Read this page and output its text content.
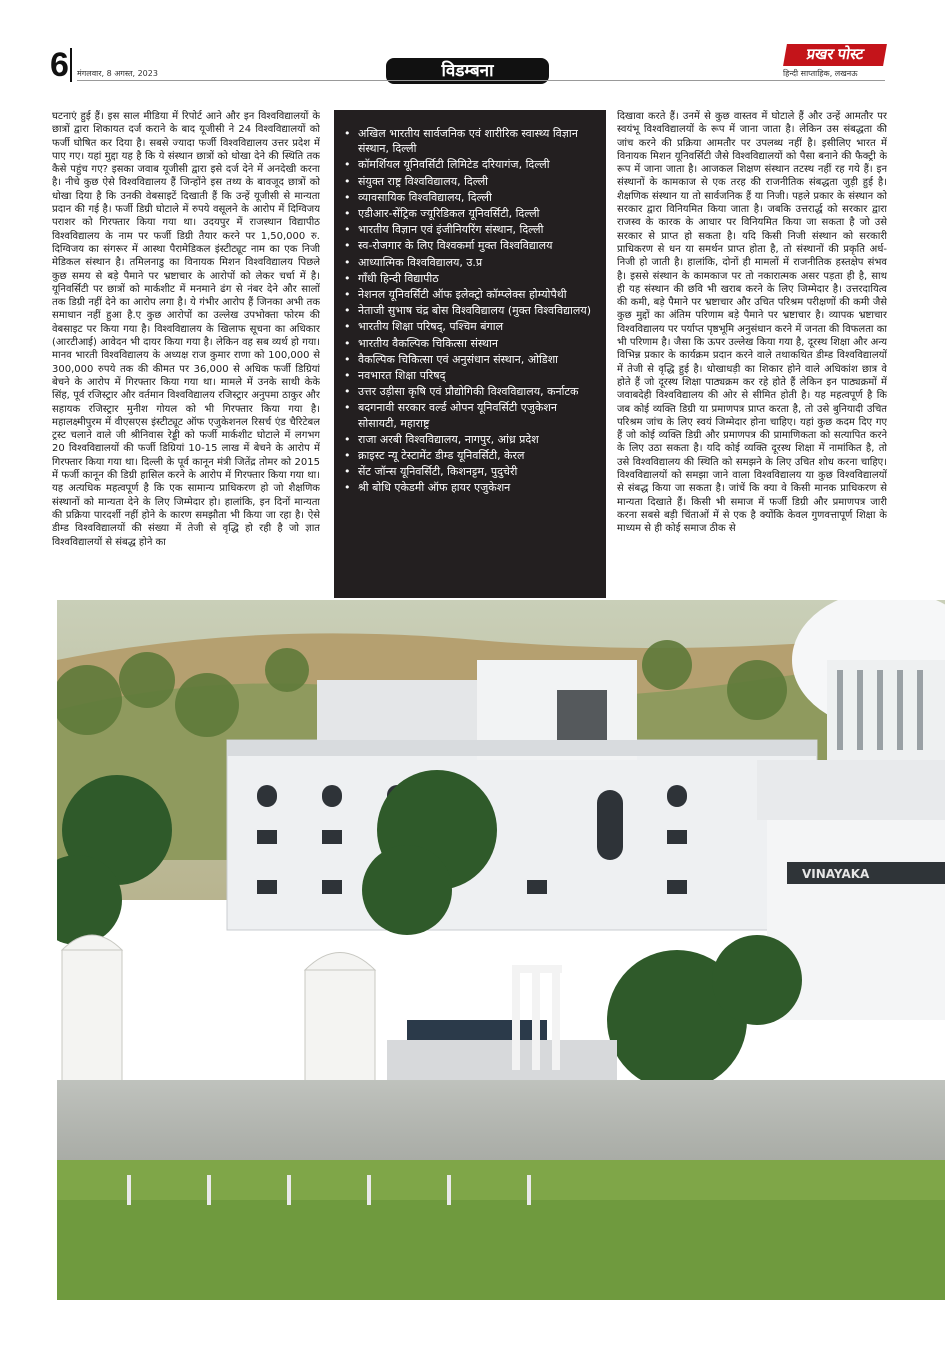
6 मंगलवार, 8 अगस्त, 2023	विडम्बना
प्रखर पोस्ट
हिन्दी साप्ताहिक, लखनऊ
घटनाएं हुई हैं। इस साल मीडिया में रिपोर्ट आने और इन विश्वविद्यालयों के छात्रों द्वारा शिकायत दर्ज कराने के बाद यूजीसी ने 24 विश्वविद्यालयों को फर्जी घोषित कर दिया है। सबसे ज्यादा फर्जी विश्वविद्यालय उत्तर प्रदेश में पाए गए। यहां मुद्दा यह है कि ये संस्थान छात्रों को धोखा देने की स्थिति तक कैसे पहुंच गए? इसका जवाब यूजीसी द्वारा इसे दर्ज देने में अनदेखी करना है। नीचे कुछ ऐसे विश्वविद्यालय हैं जिन्होंने इस तथ्य के बावजूद छात्रों को धोखा दिया है कि उनकी वेबसाइटें दिखाती हैं कि उन्हें यूजीसी से मान्यता प्रदान की गई है। फर्जी डिग्री घोटाले में रुपये वसूलने के आरोप में दिग्विजय पराशर को गिरफ्तार किया गया था। उदयपुर में राजस्थान विद्यापीठ विश्वविद्यालय के नाम पर फर्जी डिग्री तैयार करने पर 1,50,000 रु. दिग्विजय का संगरूर में आस्था पैरामेडिकल इंस्टीट्यूट नाम का एक निजी मेडिकल संस्थान है। तमिलनाडु का विनायक मिशन विश्वविद्यालय पिछले कुछ समय से बड़े पैमाने पर भ्रष्टाचार के आरोपों को लेकर चर्चा में है। यूनिवर्सिटी पर छात्रों को मार्कशीट में मनमाने ढंग से नंबर देने और सालों तक डिग्री नहीं देने का आरोप लगा है। ये गंभीर आरोप हैं जिनका अभी तक समाधान नहीं हुआ है.ए कुछ आरोपों का उल्लेख उपभोक्ता फोरम की वेबसाइट पर किया गया है। विश्वविद्यालय के खिलाफ सूचना का अधिकार (आरटीआई) आवेदन भी दायर किया गया है। लेकिन वह सब व्यर्थ हो गया। मानव भारती विश्वविद्यालय के अध्यक्ष राज कुमार राणा को 100,000 से 300,000 रुपये तक की कीमत पर 36,000 से अधिक फर्जी डिग्रियां बेचने के आरोप में गिरफ्तार किया गया था। मामले में उनके साथी केके सिंह, पूर्व रजिस्ट्रार और वर्तमान विश्वविद्यालय रजिस्ट्रार अनुपमा ठाकुर और सहायक रजिस्ट्रार मुनीश गोयल को भी गिरफ्तार किया गया है। महालक्ष्मीपुरम में वीएसएस इंस्टीट्यूट ऑफ एजुकेशनल रिसर्च एंड चैरिटेबल ट्रस्ट चलाने वाले जी श्रीनिवास रेड्डी को फर्जी मार्कशीट घोटाले में लगभग 20 विश्वविद्यालयों की फर्जी डिग्रियां 10-15 लाख में बेचने के आरोप में गिरफ्तार किया गया था। दिल्ली के पूर्व कानून मंत्री जितेंद्र तोमर को 2015 में फर्जी कानून की डिग्री हासिल करने के आरोप में गिरफ्तार किया गया था। यह अत्यधिक महत्वपूर्ण है कि एक सामान्य प्राधिकरण हो जो शैक्षणिक संस्थानों को मान्यता देने के लिए जिम्मेदार हो। हालांकि, इन दिनों मान्यता की प्रक्रिया पारदर्शी नहीं होने के कारण समझौता भी किया जा रहा है। ऐसे डीम्ड विश्वविद्यालयों की संख्या में तेजी से वृद्धि हो रही है जो ज्ञात विश्वविद्यालयों से संबद्ध होने का
• अखिल भारतीय सार्वजनिक एवं शारीरिक स्वास्थ्य विज्ञान संस्थान, दिल्ली
• कॉमर्शियल यूनिवर्सिटी लिमिटेड दरियागंज, दिल्ली
• संयुक्त राष्ट्र विश्वविद्यालय, दिल्ली
• व्यावसायिक विश्वविद्यालय, दिल्ली
• एडीआर-सेंट्रिक ज्यूरिडिकल यूनिवर्सिटी, दिल्ली
• भारतीय विज्ञान एवं इंजीनियरिंग संस्थान, दिल्ली
• स्व-रोजगार के लिए विश्वकर्मा मुक्त विश्वविद्यालय
• आध्यात्मिक विश्वविद्यालय, उ.प्र
• गाँधी हिन्दी विद्यापीठ
• नेशनल यूनिवर्सिटी ऑफ इलेक्ट्रो कॉम्प्लेक्स होम्योपैथी
• नेताजी सुभाष चंद्र बोस विश्वविद्यालय (मुक्त विश्वविद्यालय)
• भारतीय शिक्षा परिषद्, पश्चिम बंगाल
• भारतीय वैकल्पिक चिकित्सा संस्थान
• वैकल्पिक चिकित्सा एवं अनुसंधान संस्थान, ओडिशा
• नवभारत शिक्षा परिषद्
• उत्तर उड़ीसा कृषि एवं प्रौद्योगिकी विश्वविद्यालय, कर्नाटक
• बदगनावी सरकार वर्ल्ड ओपन यूनिवर्सिटी एजुकेशन सोसायटी, महाराष्ट्र
• राजा अरबी विश्वविद्यालय, नागपुर, आंध्र प्रदेश
• क्राइस्ट न्यू टेस्टामेंट डीम्ड यूनिवर्सिटी, केरल
• सेंट जॉन्स यूनिवर्सिटी, किशनट्टम, पुदुचेरी
• श्री बोधि एकेडमी ऑफ हायर एजुकेशन
दिखावा करते हैं। उनमें से कुछ वास्तव में घोटाले हैं और उन्हें आमतौर पर स्वयंभू विश्वविद्यालयों के रूप में जाना जाता है। लेकिन उस संबद्धता की जांच करने की प्रक्रिया आमतौर पर उपलब्ध नहीं है। इसीलिए भारत में विनायक मिशन यूनिवर्सिटी जैसे विश्वविद्यालयों को पैसा बनाने की फैक्ट्री के रूप में जाना जाता है। आजकल शिक्षण संस्थान तटस्थ नहीं रह गये हैं। इन संस्थानों के कामकाज से एक तरह की राजनीतिक संबद्धता जुड़ी हुई है। शैक्षणिक संस्थान या तो सार्वजनिक हैं या निजी। पहले प्रकार के संस्थान को सरकार द्वारा विनियमित किया जाता है। जबकि उत्तरार्द्ध को सरकार द्वारा राजस्व के कारक के आधार पर विनियमित किया जा सकता है जो उसे सरकार से प्राप्त हो सकता है। यदि किसी निजी संस्थान को सरकारी प्राधिकरण से धन या समर्थन प्राप्त होता है, तो संस्थानों की प्रकृति अर्ध-निजी हो जाती है। हालांकि, दोनों ही मामलों में राजनीतिक हस्तक्षेप संभव है। इससे संस्थान के कामकाज पर तो नकारात्मक असर पड़ता ही है, साथ ही यह संस्थान की छवि भी खराब करने के लिए जिम्मेदार है। उत्तरदायित्व की कमी, बड़े पैमाने पर भ्रष्टाचार और उचित परिश्रम परीक्षणों की कमी जैसे कुछ मुद्दों का अंतिम परिणाम बड़े पैमाने पर भ्रष्टाचार है। व्यापक भ्रष्टाचार विश्वविद्यालय पर पर्याप्त पृष्ठभूमि अनुसंधान करने में जनता की विफलता का भी परिणाम है। जैसा कि ऊपर उल्लेख किया गया है, दूरस्थ शिक्षा और अन्य विभिन्न प्रकार के कार्यक्रम प्रदान करने वाले तथाकथित डीम्ड विश्वविद्यालयों में तेजी से वृद्धि हुई है। धोखाधड़ी का शिकार होने वाले अधिकांश छात्र वे होते हैं जो दूरस्थ शिक्षा पाठ्यक्रम कर रहे होते हैं लेकिन इन पाठ्यक्रमों में जवाबदेही विश्वविद्यालय की ओर से सीमित होती है। यह महत्वपूर्ण है कि जब कोई व्यक्ति डिग्री या प्रमाणपत्र प्राप्त करता है, तो उसे बुनियादी उचित परिश्रम जांच के लिए स्वयं जिम्मेदार होना चाहिए। यहां कुछ कदम दिए गए हैं जो कोई व्यक्ति डिग्री और प्रमाणपत्र की प्रामाणिकता को सत्यापित करने के लिए उठा सकता है। यदि कोई व्यक्ति दूरस्थ शिक्षा में नामांकित है, तो उसे विश्वविद्यालय की स्थिति को समझने के लिए उचित शोध करना चाहिए। विश्वविद्यालयों को समझा जाने वाला विश्वविद्यालय या कुछ विश्वविद्यालयों से संबद्ध किया जा सकता है। जांचें कि क्या वे किसी मानक प्राधिकरण से मान्यता दिखाते हैं। किसी भी समाज में फर्जी डिग्री और प्रमाणपत्र जारी करना सबसे बड़ी चिंताओं में से एक है क्योंकि केवल गुणवत्तापूर्ण शिक्षा के माध्यम से ही कोई समाज ठीक से
VINAYAKA
